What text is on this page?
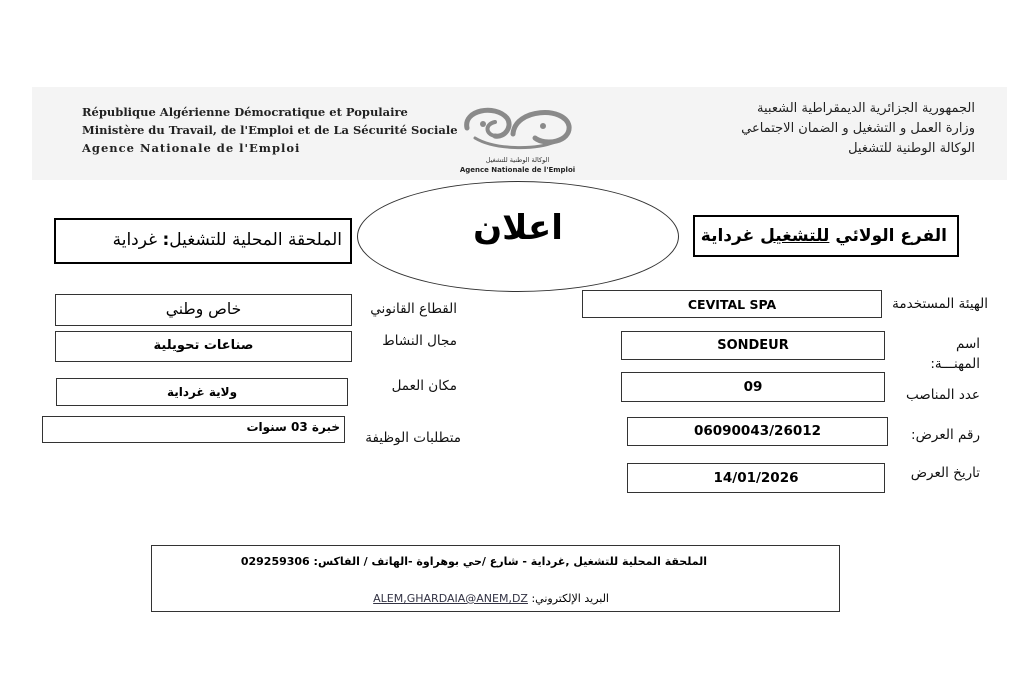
République Algérienne Démocratique et Populaire
Ministère du Travail, de l'Emploi et de La Sécurité Sociale
Agence Nationale de l'Emploi
الجمهورية الجزائرية الديمقراطية الشعبية
وزارة العمل و التشغيل و الضمان الاجتماعي
الوكالة الوطنية للتشغيل
الوكالة الوطنية للتشغيل
Agence Nationale de l'Emploi
الملحقة المحلية للتشغيل: غرداية	اعلان	الفرع الولائي للتشغيل غرداية
الهيئة المستخدمة
اسم
المهنـــة:
عدد المناصب
رقم العرض:
تاريخ العرض
CEVITAL SPA
SONDEUR
09
06090043/26012
14/01/2026
القطاع القانوني
مجال النشاط
مكان العمل
متطلبات الوظيفة
خاص وطني
صناعات تحويلية
ولاية غرداية
خبرة 03 سنوات
الملحقة المحلية للتشغيل ,غرداية - شارع /حي بوهراوة -الهاتف / الفاكس: 029259306
البريد الإلكتروني: ALEM,GHARDAIA@ANEM,DZ
